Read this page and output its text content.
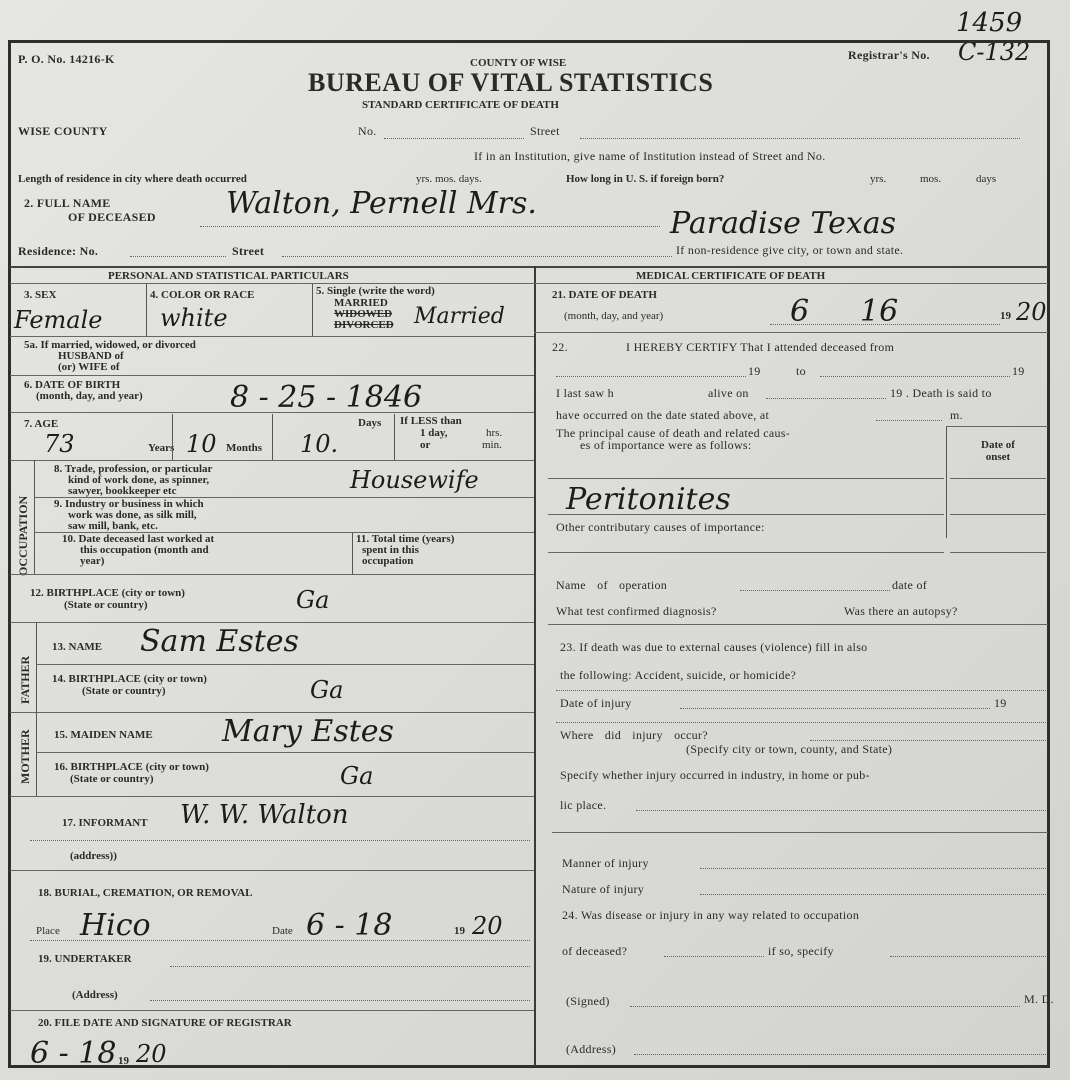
1459
Registrar's No. C-132
P. O. No. 14216-K	COUNTY OF WISE
BUREAU OF VITAL STATISTICS
STANDARD CERTIFICATE OF DEATH
WISE COUNTY	No.	Street
If in an Institution, give name of Institution instead of Street and No.
Length of residence in city where death occurred	yrs. mos. days.	How long in U. S. if foreign born?	yrs.	mos.	days
2. FULL NAME
OF DECEASED Walton, Pernell Mrs.
Paradise Texas
Residence: No.	Street	If non-residence give city, or town and state.
PERSONAL AND STATISTICAL PARTICULARS
3. SEX
Female
4. COLOR OR RACE
white
5. Single (write the word)
MARRIED
WIDOWED
DIVORCED Married
5a. If married, widowed, or divorced
HUSBAND of
(or) WIFE of
6. DATE OF BIRTH
(month, day, and year)	8 - 25 - 1846
7. AGE
73	Years 10 Months 10.
Days If LESS than
1 day,	hrs.
or	min.
OCCUPATION
8. Trade, profession, or particular
kind of work done, as spinner,
sawyer, bookkeeper etc	Housewife
9. Industry or business in which
work was done, as silk mill,
saw mill, bank, etc.
10. Date deceased last worked at
this occupation (month and
year)
11. Total time (years)
spent in this
occupation
12. BIRTHPLACE (city or town)
(State or country)	Ga
FATHER
13. NAME Sam Estes
14. BIRTHPLACE (city or town)
(State or country)	Ga
MOTHER 15. MAIDEN NAME Mary Estes
16. BIRTHPLACE (city or town)
(State or country)	Ga
17. INFORMANT W. W. Walton
(address))
18. BURIAL, CREMATION, OR REMOVAL
Place Hico	Date 6 - 18	19 20
19. UNDERTAKER
(Address)
20. FILE DATE AND SIGNATURE OF REGISTRAR
6 - 18 19 20
MEDICAL CERTIFICATE OF DEATH
21. DATE OF DEATH
(month, day, and year)	6 16	19 20
22.	I HEREBY CERTIFY That I attended deceased from
19	to	19
I last saw h	alive on	19 . Death is said to
have occurred on the date stated above, at	m.
The principal cause of death and related caus-
es of importance were as follows:	Date of
onset
Peritonites
Other contributary causes of importance:
Name of operation	date of
What test confirmed diagnosis?	Was there an autopsy?
23. If death was due to external causes (violence) fill in also
the following: Accident, suicide, or homicide?
Date of injury	19
Where did injury occur?
(Specify city or town, county, and State)
Specify whether injury occurred in industry, in home or pub-
lic place.
Manner of injury
Nature of injury
24. Was disease or injury in any way related to occupation
of deceased?	if so, specify
(Signed)	M. D.
(Address)
